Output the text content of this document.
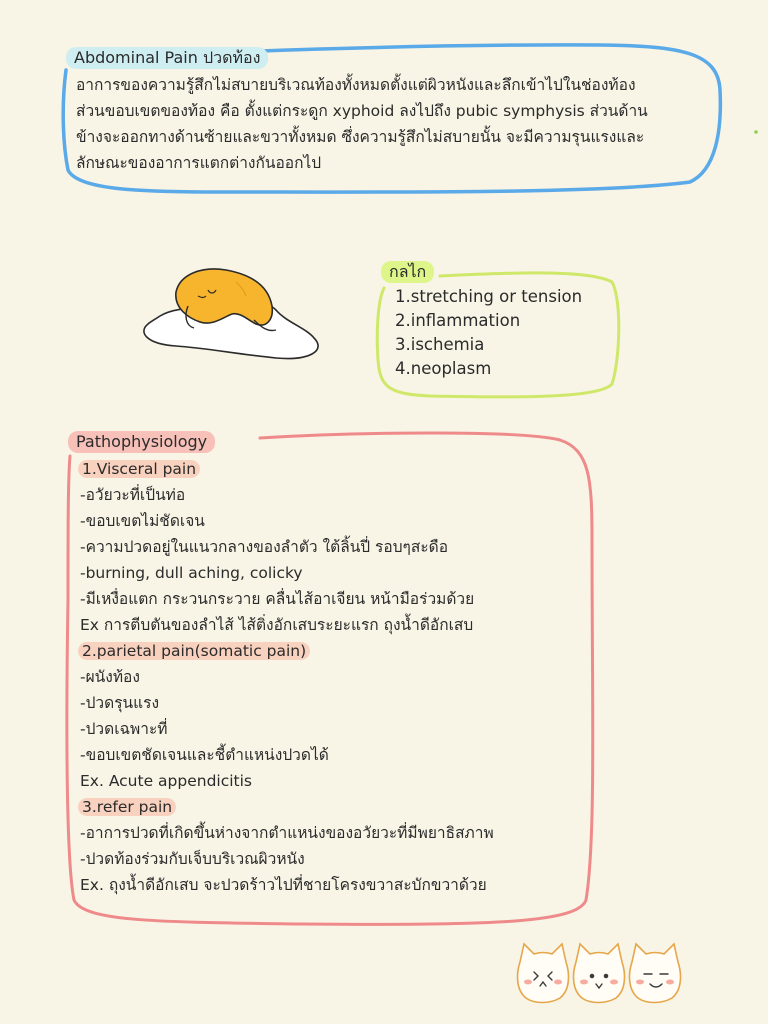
Abdominal Pain ปวดท้อง
อาการของความรู้สึกไม่สบายบริเวณท้องทั้งหมดตั้งแต่ผิวหนังและลึกเข้าไปในช่องท้อง
ส่วนขอบเขตของท้อง คือ ตั้งแต่กระดูก xyphoid ลงไปถึง pubic symphysis ส่วนด้าน
ข้างจะออกทางด้านซ้ายและขวาทั้งหมด ซึ่งความรู้สึกไม่สบายนั้น จะมีความรุนแรงและ
ลักษณะของอาการแตกต่างกันออกไป
กลไก
1.stretching or tension
2.inflammation
3.ischemia
4.neoplasm
Pathophysiology
1.Visceral pain
-อวัยวะที่เป็นท่อ
-ขอบเขตไม่ชัดเจน
-ความปวดอยู่ในแนวกลางของลำตัว ใต้ลิ้นปี่ รอบๆสะดือ
-burning, dull aching, colicky
-มีเหงื่อแตก กระวนกระวาย คลื่นไส้อาเจียน หน้ามือร่วมด้วย
Ex การตีบตันของลำไส้ ไส้ติ่งอักเสบระยะแรก ถุงน้ำดีอักเสบ
2.parietal pain(somatic pain)
-ผนังท้อง
-ปวดรุนแรง
-ปวดเฉพาะที่
-ขอบเขตชัดเจนและชี้ตำแหน่งปวดได้
Ex. Acute appendicitis
3.refer pain
-อาการปวดที่เกิดขึ้นห่างจากตำแหน่งของอวัยวะที่มีพยาธิสภาพ
-ปวดท้องร่วมกับเจ็บบริเวณผิวหนัง
Ex. ถุงน้ำดีอักเสบ จะปวดร้าวไปที่ชายโครงขวาสะบักขวาด้วย
